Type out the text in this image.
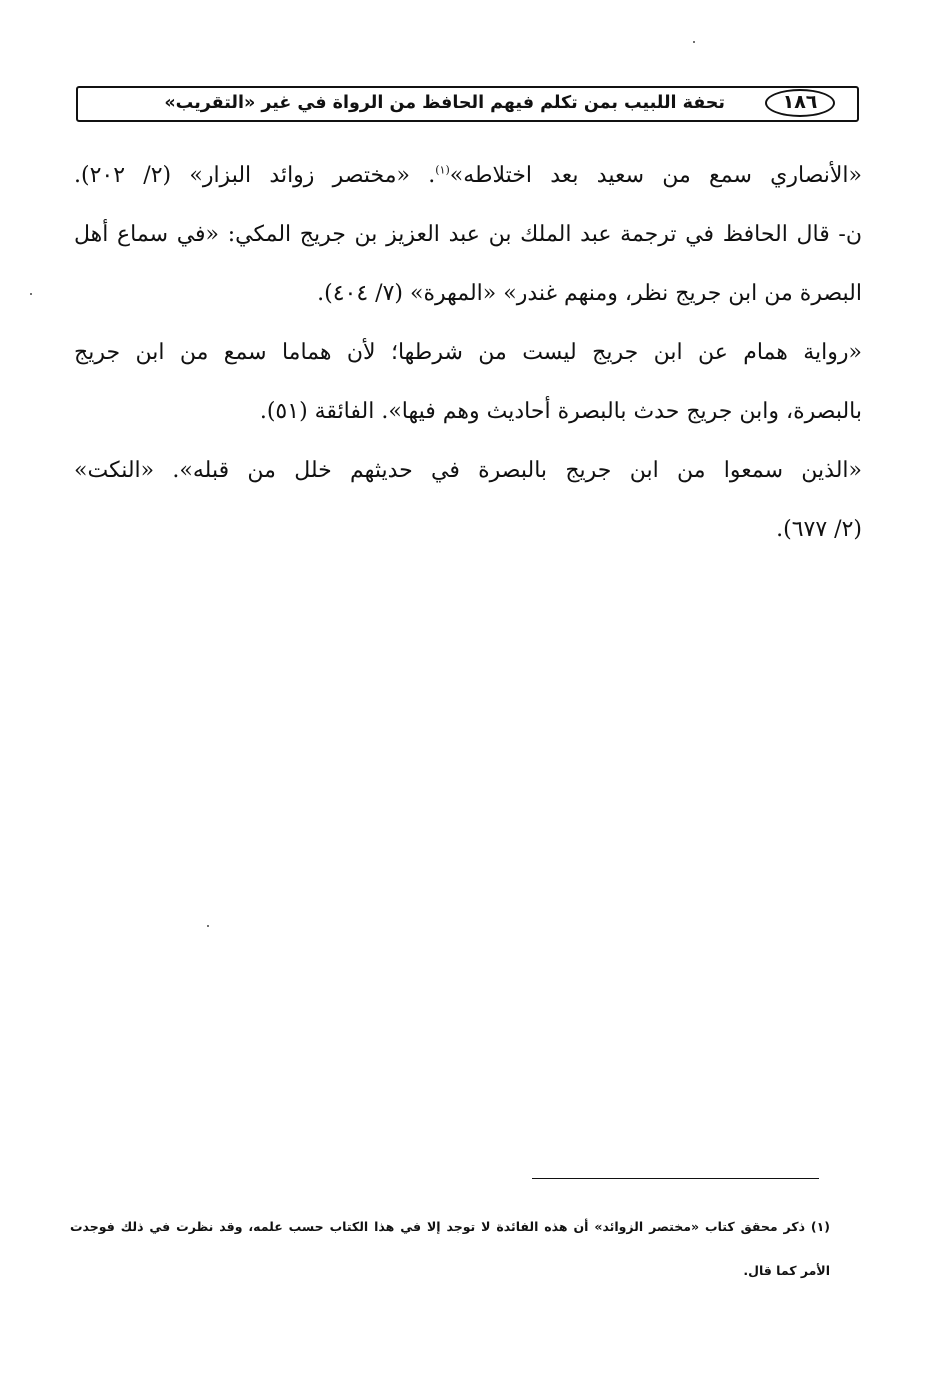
١٨٦
تحفة اللبيب بمن تكلم فيهم الحافظ من الرواة في غير «التقريب»
«الأنصاري سمع من سعيد بعد اختلاطه»$^{(١)}$. «مختصر زوائد البزار» (٢/ ٢٠٢).
ن- قال الحافظ في ترجمة عبد الملك بن عبد العزيز بن جريج المكي: «في سماع أهل
البصرة من ابن جريج نظر، ومنهم غندر» «المهرة» (٧/ ٤٠٤).
«رواية همام عن ابن جريج ليست من شرطها؛ لأن هماما سمع من ابن جريج
بالبصرة، وابن جريج حدث بالبصرة أحاديث وهم فيها». الفائقة (٥١).
«الذين سمعوا من ابن جريج بالبصرة في حديثهم خلل من قبله». «النكت»
(٢/ ٦٧٧).
(١) ذكر محقق كتاب «مختصر الزوائد» أن هذه الفائدة لا توجد إلا في هذا الكتاب حسب علمه، وقد نظرت في ذلك فوجدت
الأمر كما قال.
